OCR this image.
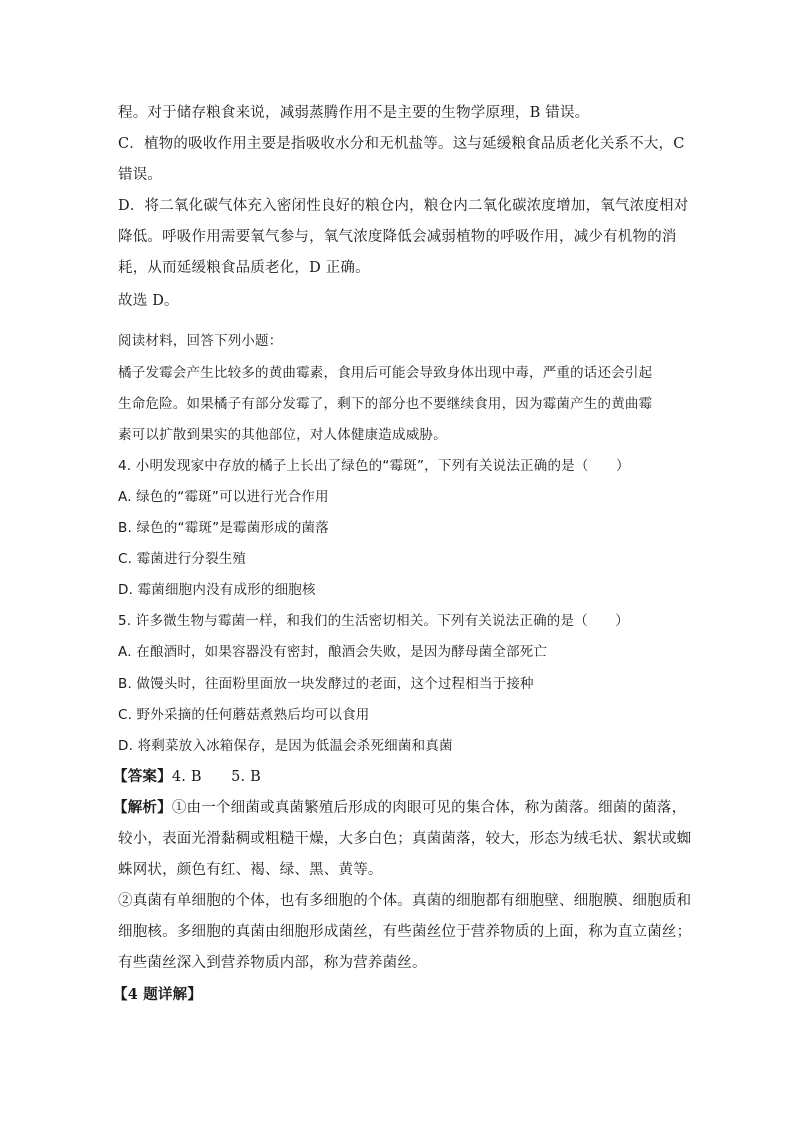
程。对于储存粮食来说，减弱蒸腾作用不是主要的生物学原理，B 错误。
C．植物的吸收作用主要是指吸收水分和无机盐等。这与延缓粮食品质老化关系不大，C
错误。
D．将二氧化碳气体充入密闭性良好的粮仓内，粮仓内二氧化碳浓度增加，氧气浓度相对
降低。呼吸作用需要氧气参与，氧气浓度降低会减弱植物的呼吸作用，减少有机物的消
耗，从而延缓粮食品质老化，D 正确。
故选 D。
阅读材料，回答下列小题：
橘子发霉会产生比较多的黄曲霉素，食用后可能会导致身体出现中毒，严重的话还会引起
生命危险。如果橘子有部分发霉了，剩下的部分也不要继续食用，因为霉菌产生的黄曲霉
素可以扩散到果实的其他部位，对人体健康造成威胁。
4. 小明发现家中存放的橘子上长出了绿色的“霉斑”，下列有关说法正确的是（　　）
A. 绿色的“霉斑”可以进行光合作用
B. 绿色的“霉斑”是霉菌形成的菌落
C. 霉菌进行分裂生殖
D. 霉菌细胞内没有成形的细胞核
5. 许多微生物与霉菌一样，和我们的生活密切相关。下列有关说法正确的是（　　）
A. 在酿酒时，如果容器没有密封，酿酒会失败，是因为酵母菌全部死亡
B. 做馒头时，往面粉里面放一块发酵过的老面，这个过程相当于接种
C. 野外采摘的任何蘑菇煮熟后均可以食用
D. 将剩菜放入冰箱保存，是因为低温会杀死细菌和真菌
【答案】4. B　　5. B
【解析】①由一个细菌或真菌繁殖后形成的肉眼可见的集合体，称为菌落。细菌的菌落，
较小，表面光滑黏稠或粗糙干燥，大多白色；真菌菌落，较大，形态为绒毛状、絮状或蜘
蛛网状，颜色有红、褐、绿、黑、黄等。
②真菌有单细胞的个体，也有多细胞的个体。真菌的细胞都有细胞壁、细胞膜、细胞质和
细胞核。多细胞的真菌由细胞形成菌丝，有些菌丝位于营养物质的上面，称为直立菌丝；
有些菌丝深入到营养物质内部，称为营养菌丝。
【4 题详解】
